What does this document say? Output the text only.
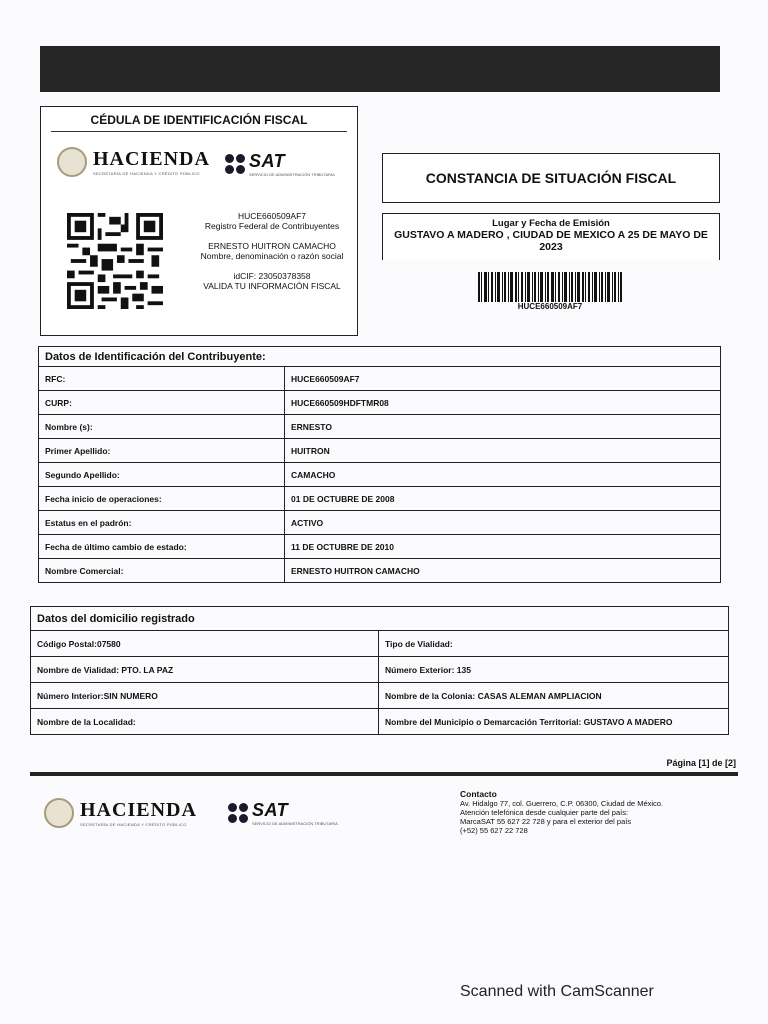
CÉDULA DE IDENTIFICACIÓN FISCAL
HACIENDA
SECRETARÍA DE HACIENDA Y CRÉDITO PÚBLICO
SAT
SERVICIO DE ADMINISTRACIÓN TRIBUTARIA
HUCE660509AF7
Registro Federal de Contribuyentes
ERNESTO HUITRON CAMACHO
Nombre, denominación o razón social
idCIF: 23050378358
VALIDA TU INFORMACIÓN FISCAL
CONSTANCIA DE SITUACIÓN FISCAL
Lugar y Fecha de Emisión
GUSTAVO A MADERO , CIUDAD DE MEXICO A 25 DE MAYO DE 2023
HUCE660509AF7
Datos de Identificación del Contribuyente:	
RFC:	HUCE660509AF7
CURP:	HUCE660509HDFTMR08
Nombre (s):	ERNESTO
Primer Apellido:	HUITRON
Segundo Apellido:	CAMACHO
Fecha inicio de operaciones:	01 DE OCTUBRE DE 2008
Estatus en el padrón:	ACTIVO
Fecha de último cambio de estado:	11 DE OCTUBRE DE 2010
Nombre Comercial:	ERNESTO HUITRON CAMACHO
Datos del domicilio registrado	
Código Postal:07580	Tipo de Vialidad:
Nombre de Vialidad: PTO. LA PAZ	Número Exterior: 135
Número Interior:SIN NUMERO	Nombre de la Colonia: CASAS ALEMAN AMPLIACION
Nombre de la Localidad:	Nombre del Municipio o Demarcación Territorial: GUSTAVO A MADERO
Página [1] de [2]
HACIENDA
SECRETARÍA DE HACIENDA Y CRÉDITO PÚBLICO
SAT
SERVICIO DE ADMINISTRACIÓN TRIBUTARIA
Contacto
Av. Hidalgo 77, col. Guerrero, C.P. 06300, Ciudad de México.
Atención telefónica desde cualquier parte del país:
MarcaSAT 55 627 22 728 y para el exterior del país
(+52) 55 627 22 728
Scanned with CamScanner
